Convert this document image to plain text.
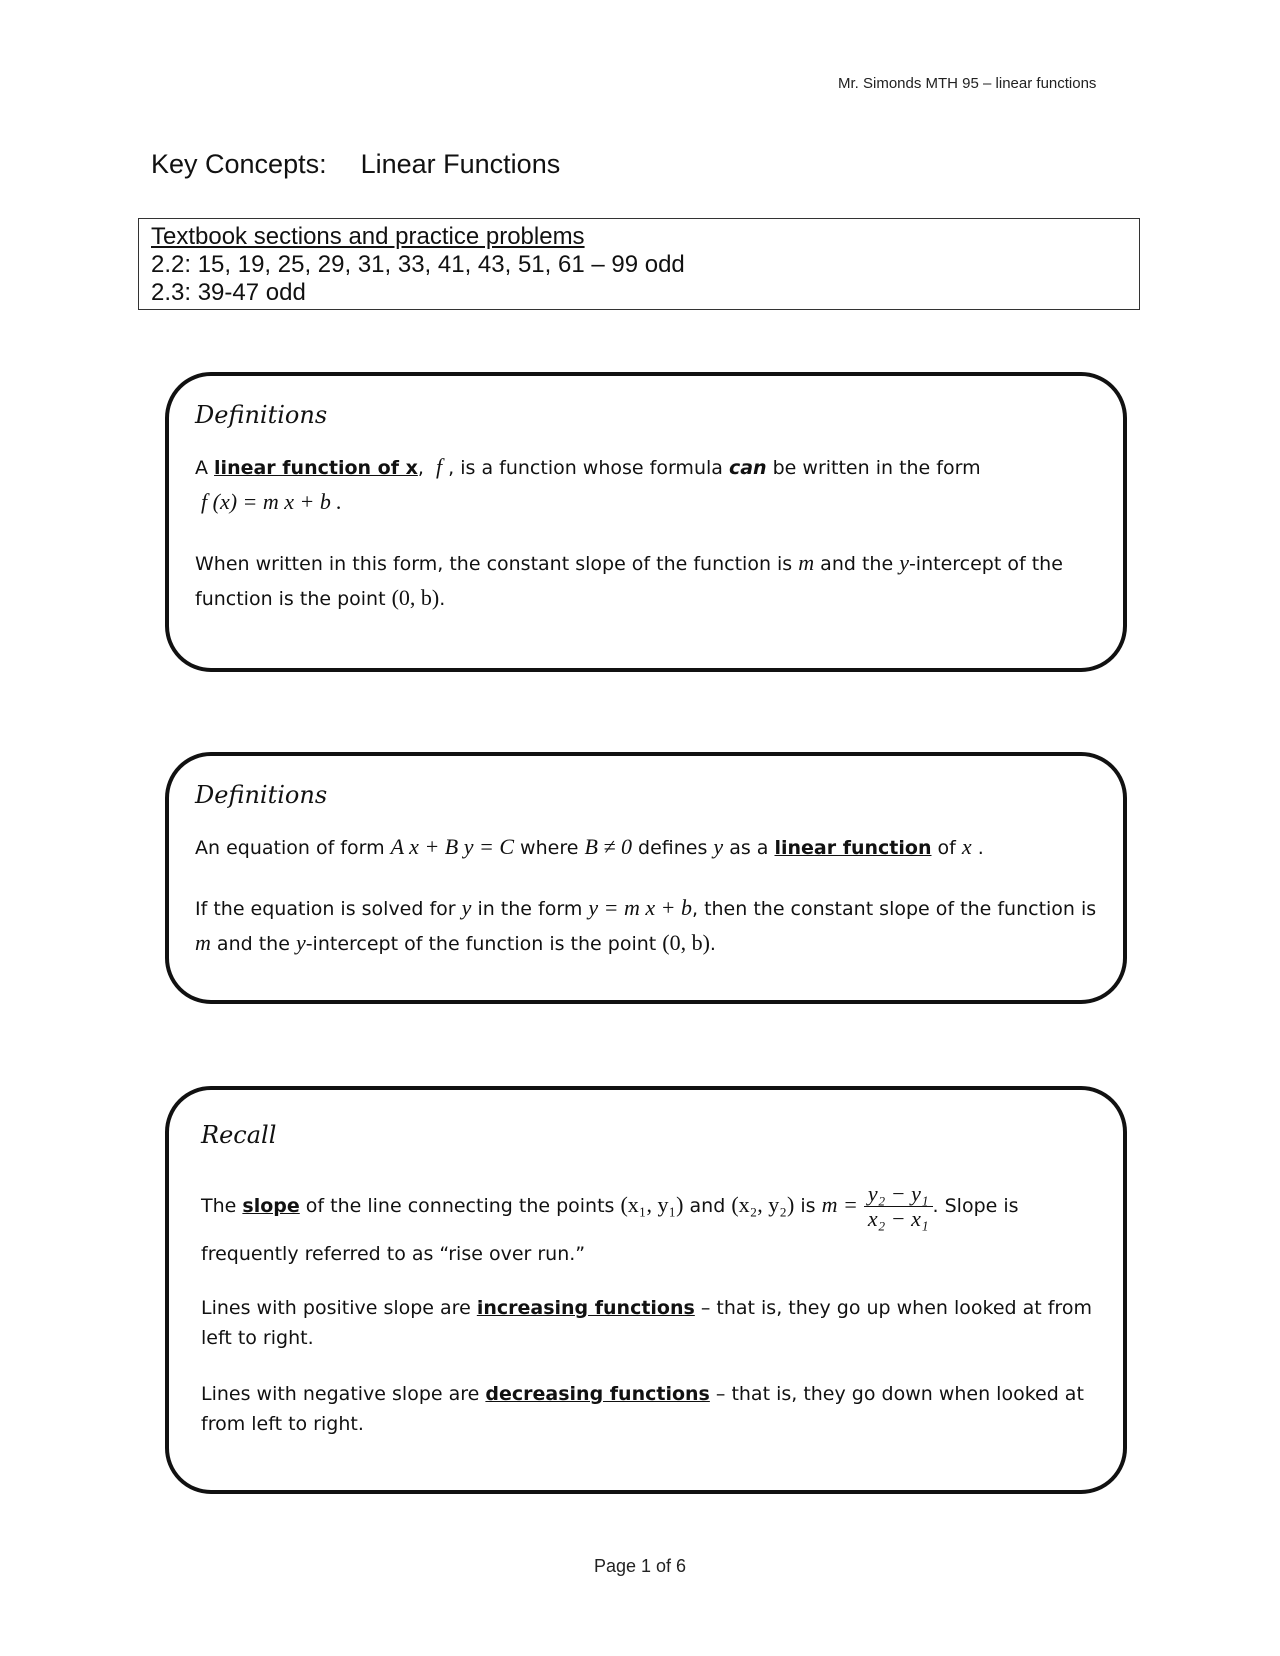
Mr. Simonds MTH 95 – linear functions
Key Concepts: Linear Functions
Textbook sections and practice problems
2.2: 15, 19, 25, 29, 31, 33, 41, 43, 51, 61 – 99 odd
2.3: 39-47 odd
Definitions

A linear function of x, f , is a function whose formula can be written in the form

f (x) = m x + b .

When written in this form, the constant slope of the function is m and the y-intercept of the function is the point (0, b).

Definitions

An equation of form A x + B y = C where B ≠ 0 defines y as a linear function of x .

If the equation is solved for y in the form y = m x + b, then the constant slope of the function is m and the y-intercept of the function is the point (0, b).

Recall

The slope of the line connecting the points (x₁, y₁) and (x₂, y₂) is $m = \frac{\text{y₂ − y₁}}{\text{x₂ − x₁}}$ . Slope is

frequently referred to as “rise over run.”

Lines with positive slope are increasing functions – that is, they go up when looked at from left to right.

Lines with negative slope are decreasing functions – that is, they go down when looked at from left to right.

Page 1 of 6
